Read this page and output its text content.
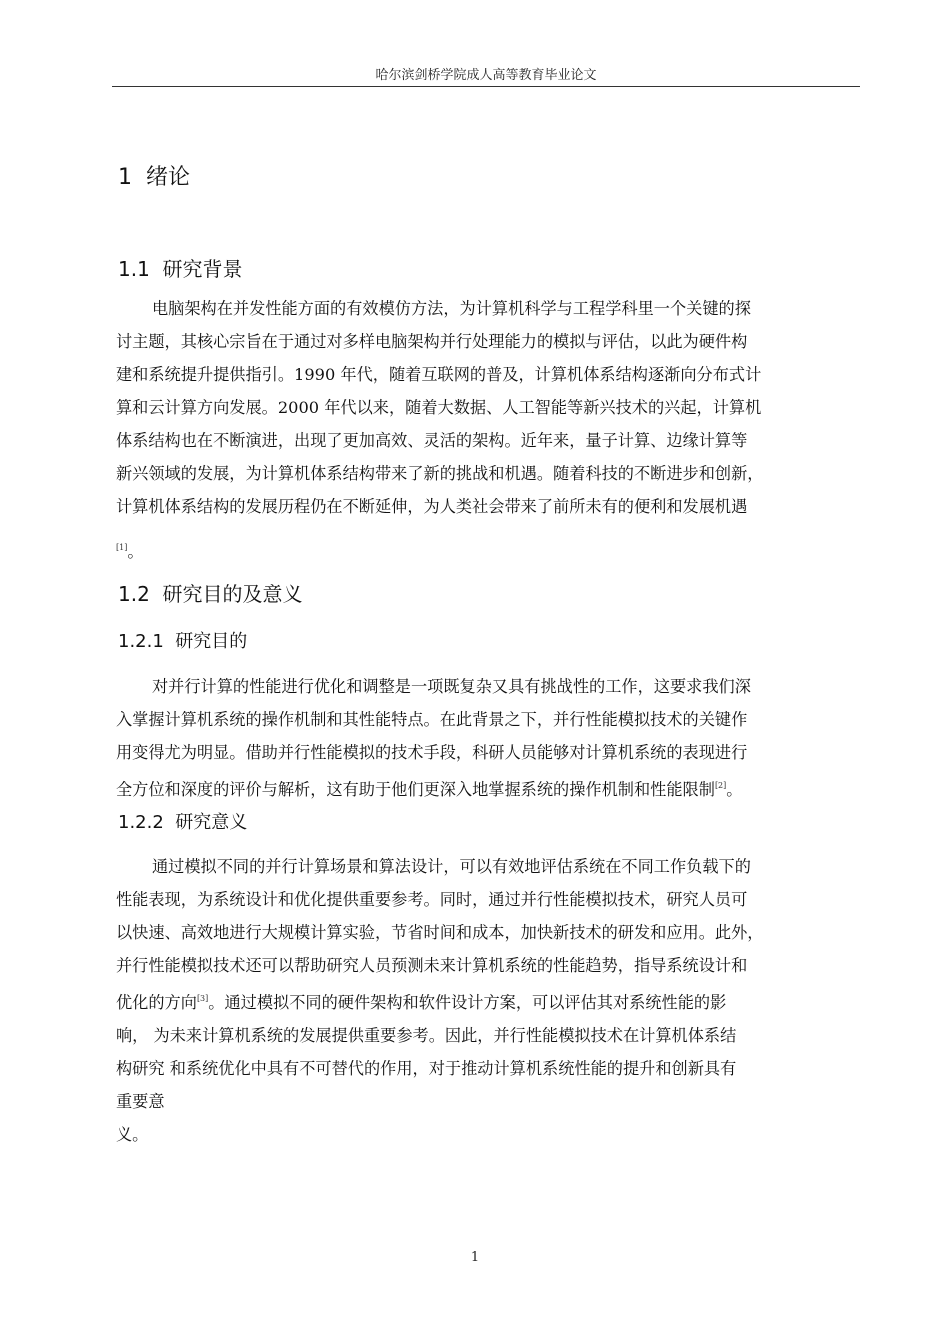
哈尔滨剑桥学院成人高等教育毕业论文
1 绪论
1.1 研究背景
电脑架构在并发性能方面的有效模仿方法，为计算机科学与工程学科里一个关键的探
讨主题，其核心宗旨在于通过对多样电脑架构并行处理能力的模拟与评估，以此为硬件构
建和系统提升提供指引。1990 年代，随着互联网的普及，计算机体系结构逐渐向分布式计
算和云计算方向发展。2000 年代以来，随着大数据、人工智能等新兴技术的兴起，计算机
体系结构也在不断演进，出现了更加高效、灵活的架构。近年来，量子计算、边缘计算等
新兴领域的发展，为计算机体系结构带来了新的挑战和机遇。随着科技的不断进步和创新，
计算机体系结构的发展历程仍在不断延伸，为人类社会带来了前所未有的便利和发展机遇
[1]。
1.2 研究目的及意义
1.2.1 研究目的
对并行计算的性能进行优化和调整是一项既复杂又具有挑战性的工作，这要求我们深
入掌握计算机系统的操作机制和其性能特点。在此背景之下，并行性能模拟技术的关键作
用变得尤为明显。借助并行性能模拟的技术手段，科研人员能够对计算机系统的表现进行
全方位和深度的评价与解析，这有助于他们更深入地掌握系统的操作机制和性能限制[2]。
1.2.2 研究意义
通过模拟不同的并行计算场景和算法设计，可以有效地评估系统在不同工作负载下的
性能表现，为系统设计和优化提供重要参考。同时，通过并行性能模拟技术，研究人员可
以快速、高效地进行大规模计算实验，节省时间和成本，加快新技术的研发和应用。此外，
并行性能模拟技术还可以帮助研究人员预测未来计算机系统的性能趋势，指导系统设计和
优化的方向[3]。通过模拟不同的硬件架构和软件设计方案，可以评估其对系统性能的影
响， 为未来计算机系统的发展提供重要参考。因此，并行性能模拟技术在计算机体系结
构研究 和系统优化中具有不可替代的作用，对于推动计算机系统性能的提升和创新具有
重要意
义。
1
